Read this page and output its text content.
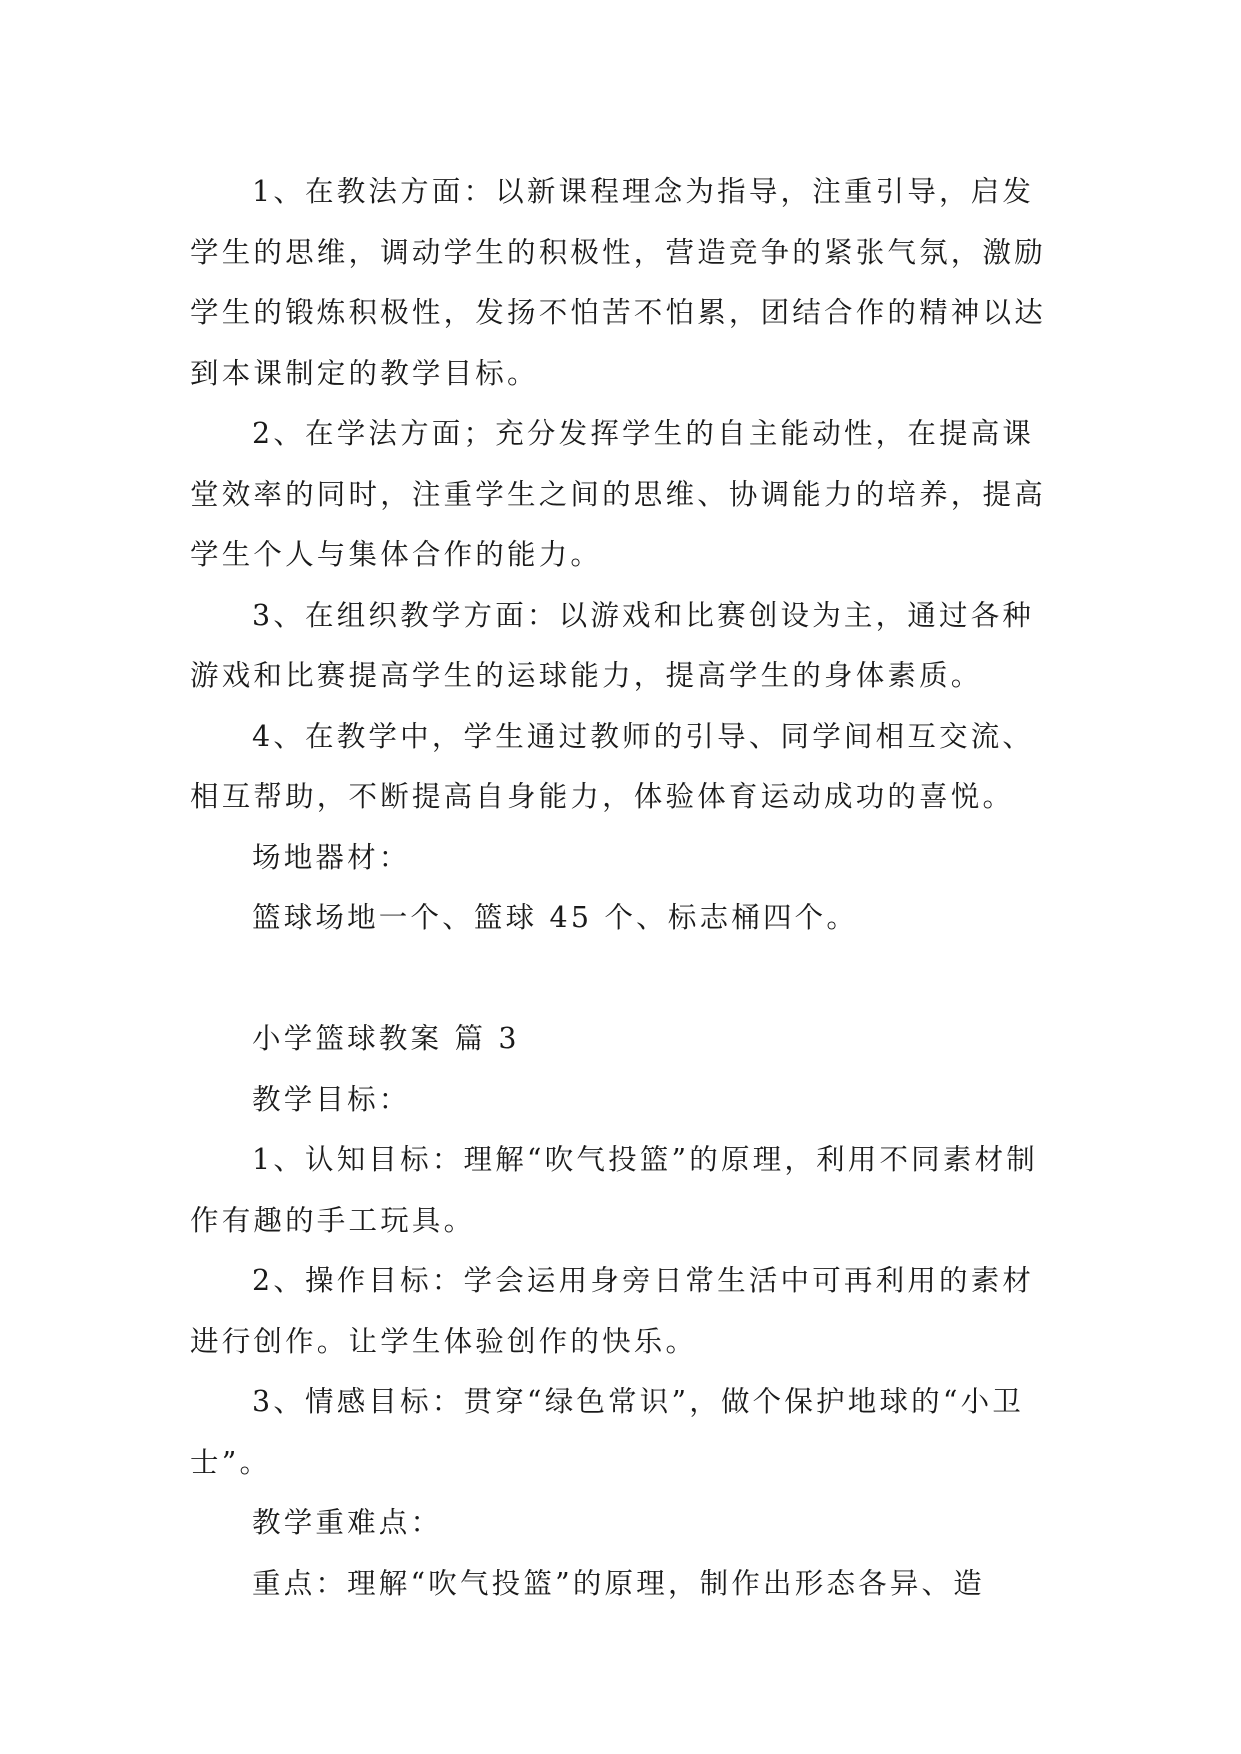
1、在教法方面：以新课程理念为指导，注重引导，启发学生的思维，调动学生的积极性，营造竞争的紧张气氛，激励学生的锻炼积极性，发扬不怕苦不怕累，团结合作的精神以达到本课制定的教学目标。

2、在学法方面；充分发挥学生的自主能动性，在提高课堂效率的同时，注重学生之间的思维、协调能力的培养，提高学生个人与集体合作的能力。

3、在组织教学方面：以游戏和比赛创设为主，通过各种游戏和比赛提高学生的运球能力，提高学生的身体素质。

4、在教学中，学生通过教师的引导、同学间相互交流、相互帮助，不断提高自身能力，体验体育运动成功的喜悦。

场地器材：

篮球场地一个、篮球 45 个、标志桶四个。

小学篮球教案 篇 3

教学目标：

1、认知目标：理解“吹气投篮”的原理，利用不同素材制作有趣的手工玩具。

2、操作目标：学会运用身旁日常生活中可再利用的素材进行创作。让学生体验创作的快乐。

3、情感目标：贯穿“绿色常识”，做个保护地球的“小卫士”。

教学重难点：

重点：理解“吹气投篮”的原理，制作出形态各异、造
